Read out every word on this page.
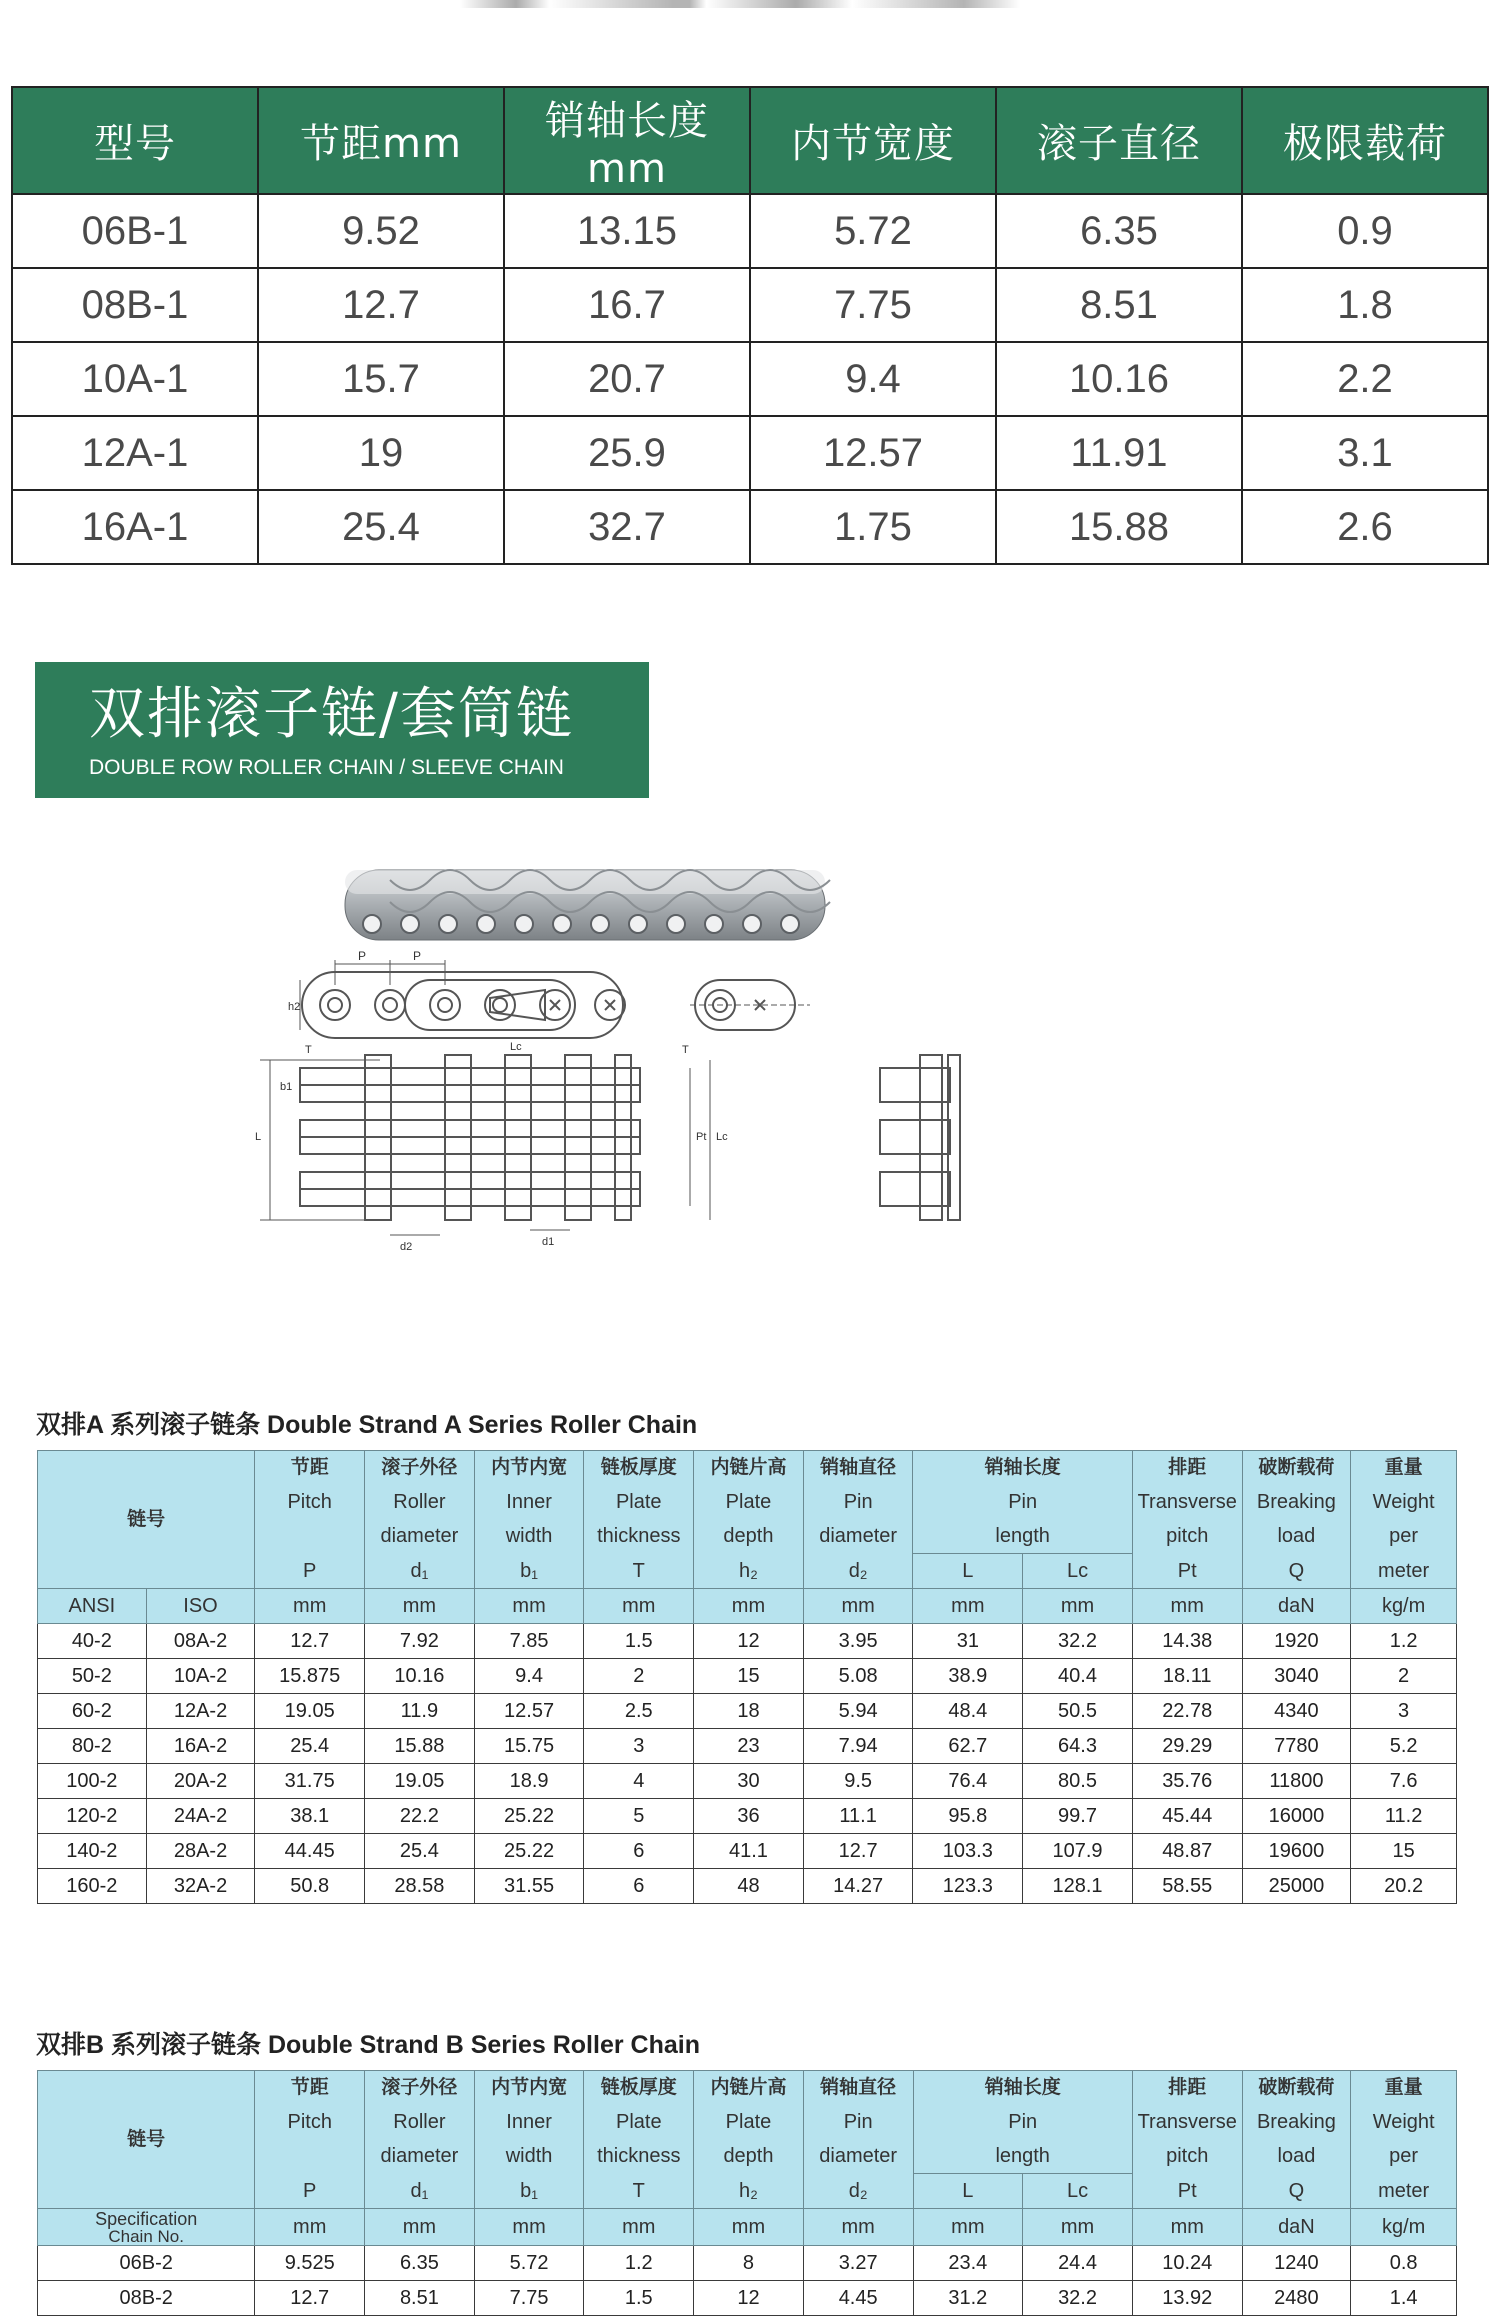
型号	节距mm	销轴长度mm	内节宽度	滚子直径	极限载荷
06B-1	9.52	13.15	5.72	6.35	0.9
08B-1	12.7	16.7	7.75	8.51	1.8
10A-1	15.7	20.7	9.4	10.16	2.2
12A-1	19	25.9	12.57	11.91	3.1
16A-1	25.4	32.7	1.75	15.88	2.6
双排滚子链/套筒链
DOUBLE ROW ROLLER CHAIN / SLEEVE CHAIN
P	P
h2
T	Lc	T
b1
L	Pt Lc
d2	d1
双排A 系列滚子链条 Double Strand A Series Roller Chain
链号		节距	滚子外径	内节内宽	链板厚度	内链片高	销轴直径	销轴长度		排距	破断载荷	重量
		Pitch	Roller	Inner	Plate	Plate	Pin	Pin		Transverse	Breaking	Weight
			diameter	width	thickness	depth	diameter	length		pitch	load	per
		P	d₁	b₁	T	h₂	d₂	L	Lc	Pt	Q	meter
ANSI	ISO	mm	mm	mm	mm	mm	mm	mm	mm	mm	daN	kg/m
40-2	08A-2	12.7	7.92	7.85	1.5	12	3.95	31	32.2	14.38	1920	1.2
50-2	10A-2	15.875	10.16	9.4	2	15	5.08	38.9	40.4	18.11	3040	2
60-2	12A-2	19.05	11.9	12.57	2.5	18	5.94	48.4	50.5	22.78	4340	3
80-2	16A-2	25.4	15.88	15.75	3	23	7.94	62.7	64.3	29.29	7780	5.2
100-2	20A-2	31.75	19.05	18.9	4	30	9.5	76.4	80.5	35.76	11800	7.6
120-2	24A-2	38.1	22.2	25.22	5	36	11.1	95.8	99.7	45.44	16000	11.2
140-2	28A-2	44.45	25.4	25.22	6	41.1	12.7	103.3	107.9	48.87	19600	15
160-2	32A-2	50.8	28.58	31.55	6	48	14.27	123.3	128.1	58.55	25000	20.2
双排B 系列滚子链条 Double Strand B Series Roller Chain
链号	节距	滚子外径	内节内宽	链板厚度	内链片高	销轴直径	销轴长度		排距	破断载荷	重量
	Pitch	Roller	Inner	Plate	Plate	Pin	Pin		Transverse	Breaking	Weight
		diameter	width	thickness	depth	diameter	length		pitch	load	per
	P	d₁	b₁	T	h₂	d₂	L	Lc	Pt	Q	meter

Specification
Chain No.	mm	mm	mm	mm	mm	mm	mm	mm	mm	daN	kg/m
06B-2	9.525	6.35	5.72	1.2	8	3.27	23.4	24.4	10.24	1240	0.8
08B-2	12.7	8.51	7.75	1.5	12	4.45	31.2	32.2	13.92	2480	1.4
